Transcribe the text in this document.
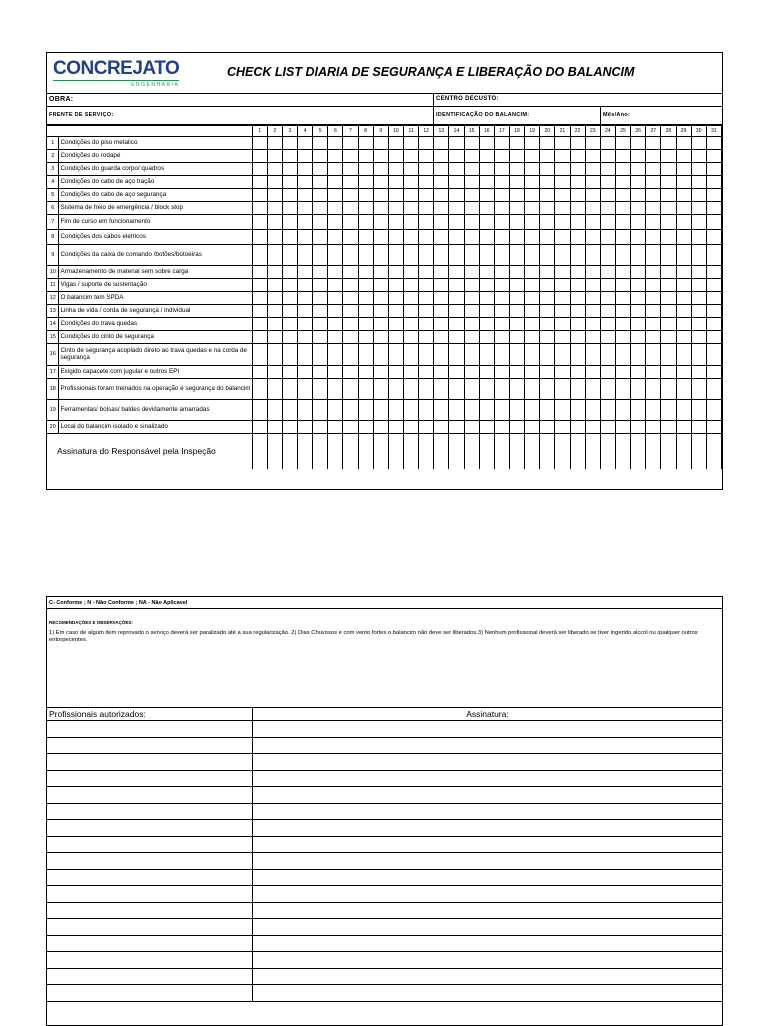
CONCREJATO
ENGENHARIA
CHECK LIST DIARIA DE SEGURANÇA E LIBERAÇÃO DO BALANCIM
OBRA:	CENTRO DECUSTO:
FRENTE DE SERVIÇO:	IDENTIFICAÇÃO DO BALANCIM:	Mês/Ano:
		1	2	3	4	5	6	7	8	9	10	11	12	13	14	15	16	17	18	19	20	21	22	23	24	25	26	27	28	29	30	31
1	Condições do piso metalico																															
2	Condições do rodapé																															
3	Condições do guarda corpo/ quadros																															
4	Condições do cabo de aço tração																															
5	Condições do cabo de aço segurança																															
6	Sistema de freio de emergência / block stop																															
7	Fim de curso em funcionamento																															
8	Condições dos cabos eletricos																															
9	Condições da caixa de comando /botões/botoeiras																															
10	Armazenamento de material sem sobre carga																															
11	Vigas / suporte de sustentação																															
12	O balancim tem SPDA																															
13	Linha de vida / corda de segurança / individual																															
14	Condições do trava quedas																															
15	Condições do cinto de segurança																															
16	Cinto de segurança acoplado direto ao trava quedas e na corda de segurança																															
17	Exigido capacete com jugular e outros EPI																															
18	Profissionais foram treinados na operação e segurança do balancim																															
19	Ferramentas/ bolsas/ baldes devidamente amarradas																															
20	Local do balancim isolado e sinalizado																															
Assinatura do Responsável pela Inspeção																																
C- Conforme ; N - Não Conforme ; NA - Não Aplicavel
RECOMENDAÇÕES E OBSERVAÇÕES:
1) Em caso de algum item reprovado o serviço deverá ser paralizado até a sua regularização. 2) Dias Chuvosos e com vento fortes o balancim não deve ser liberados.3) Nenhum profissional deverá ser liberado se tiver ingerido alccol ou qualquer outros entorpecentes.
Profissionais autorizados:	Assinatura:
